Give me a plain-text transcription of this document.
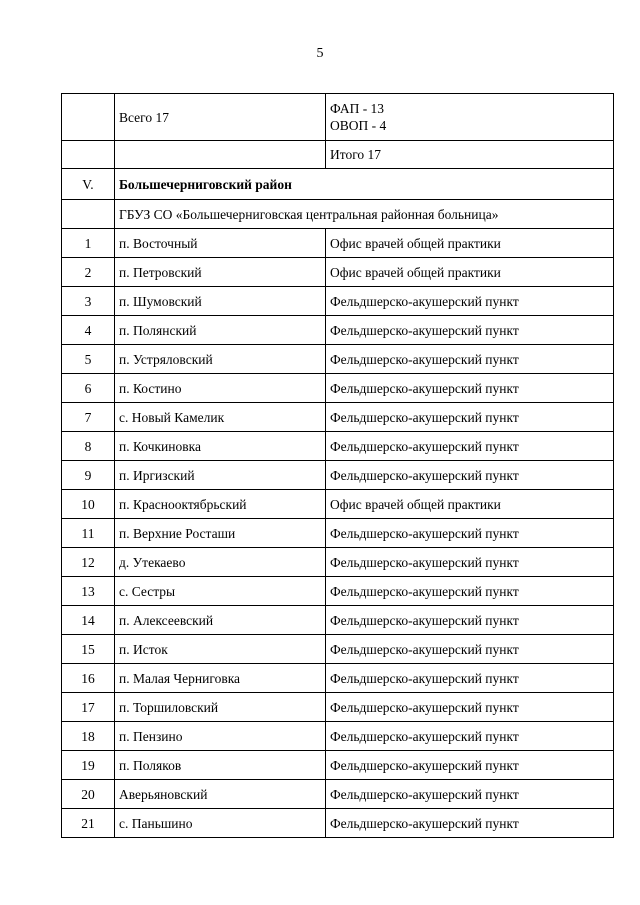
5
	Всего 17	ФАП - 13
ОВОП - 4

		Итого 17
V.	Большечерниговский район	
	ГБУЗ СО «Большечерниговская центральная районная больница»	
1	п. Восточный	Офис врачей общей практики
2	п. Петровский	Офис врачей общей практики
3	п. Шумовский	Фельдшерско-акушерский пункт
4	п. Полянский	Фельдшерско-акушерский пункт
5	п. Устряловский	Фельдшерско-акушерский пункт
6	п. Костино	Фельдшерско-акушерский пункт
7	с. Новый Камелик	Фельдшерско-акушерский пункт
8	п. Кочкиновка	Фельдшерско-акушерский пункт
9	п. Иргизский	Фельдшерско-акушерский пункт
10	п. Краснооктябрьский	Офис врачей общей практики
11	п. Верхние Росташи	Фельдшерско-акушерский пункт
12	д. Утекаево	Фельдшерско-акушерский пункт
13	с. Сестры	Фельдшерско-акушерский пункт
14	п. Алексеевский	Фельдшерско-акушерский пункт
15	п. Исток	Фельдшерско-акушерский пункт
16	п. Малая Черниговка	Фельдшерско-акушерский пункт
17	п. Торшиловский	Фельдшерско-акушерский пункт
18	п. Пензино	Фельдшерско-акушерский пункт
19	п. Поляков	Фельдшерско-акушерский пункт
20	Аверьяновский	Фельдшерско-акушерский пункт
21	с. Паньшино	Фельдшерско-акушерский пункт
